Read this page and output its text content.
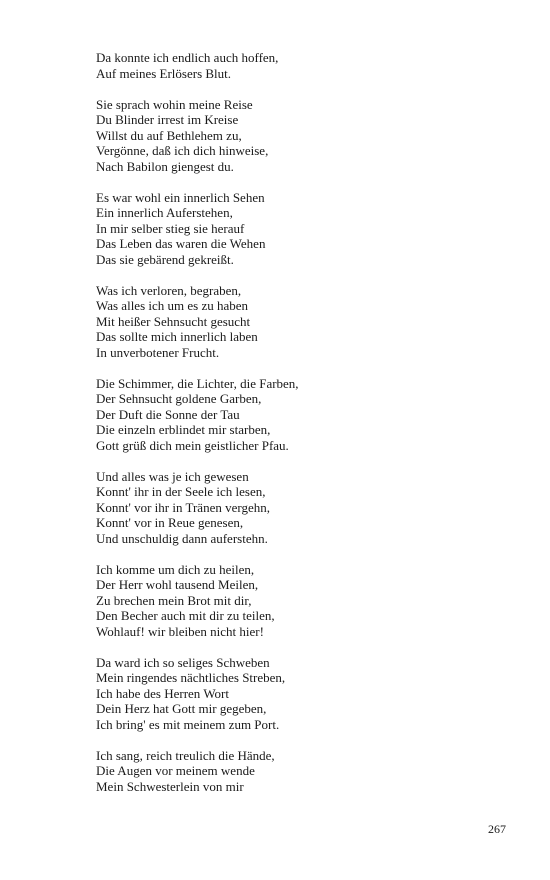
Da konnte ich endlich auch hoffen,
Auf meines Erlösers Blut.
Sie sprach wohin meine Reise
Du Blinder irrest im Kreise
Willst du auf Bethlehem zu,
Vergönne, daß ich dich hinweise,
Nach Babilon giengest du.
Es war wohl ein innerlich Sehen
Ein innerlich Auferstehen,
In mir selber stieg sie herauf
Das Leben das waren die Wehen
Das sie gebärend gekreißt.
Was ich verloren, begraben,
Was alles ich um es zu haben
Mit heißer Sehnsucht gesucht
Das sollte mich innerlich laben
In unverbotener Frucht.
Die Schimmer, die Lichter, die Farben,
Der Sehnsucht goldene Garben,
Der Duft die Sonne der Tau
Die einzeln erblindet mir starben,
Gott grüß dich mein geistlicher Pfau.
Und alles was je ich gewesen
Konnt' ihr in der Seele ich lesen,
Konnt' vor ihr in Tränen vergehn,
Konnt' vor in Reue genesen,
Und unschuldig dann auferstehn.
Ich komme um dich zu heilen,
Der Herr wohl tausend Meilen,
Zu brechen mein Brot mit dir,
Den Becher auch mit dir zu teilen,
Wohlauf! wir bleiben nicht hier!
Da ward ich so seliges Schweben
Mein ringendes nächtliches Streben,
Ich habe des Herren Wort
Dein Herz hat Gott mir gegeben,
Ich bring' es mit meinem zum Port.
Ich sang, reich treulich die Hände,
Die Augen vor meinem wende
Mein Schwesterlein von mir
267
